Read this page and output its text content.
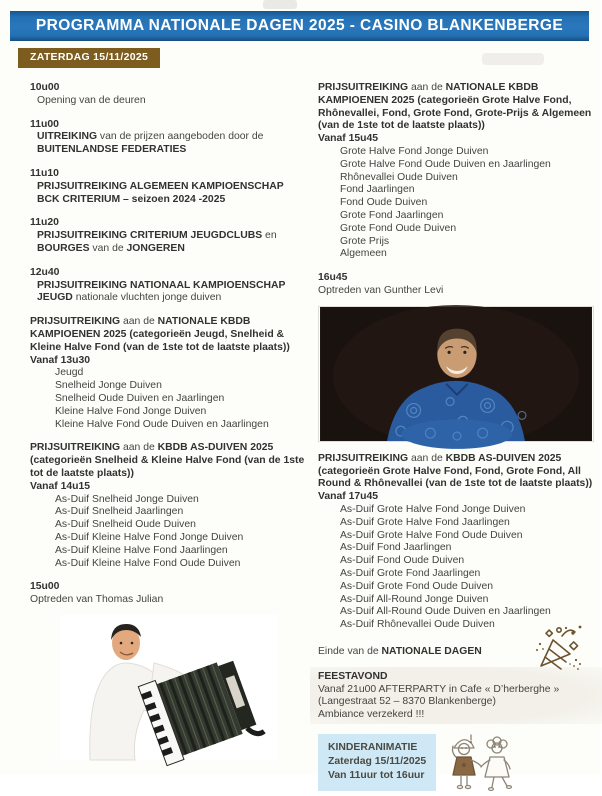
PROGRAMMA NATIONALE DAGEN 2025 - CASINO BLANKENBERGE
ZATERDAG 15/11/2025
10u00
Opening van de deuren
11u00
UITREIKING van de prijzen aangeboden door de BUITENLANDSE FEDERATIES
11u10
PRIJSUITREIKING ALGEMEEN KAMPIOENSCHAP BCK CRITERIUM – seizoen 2024 -2025
11u20
PRIJSUITREIKING CRITERIUM JEUGDCLUBS en BOURGES van de JONGEREN
12u40
PRIJSUITREIKING NATIONAAL KAMPIOENSCHAP JEUGD nationale vluchten jonge duiven
PRIJSUITREIKING aan de NATIONALE KBDB KAMPIOENEN 2025 (categorieën Jeugd, Snelheid & Kleine Halve Fond (van de 1ste tot de laatste plaats))
Vanaf 13u30
Jeugd
Snelheid Jonge Duiven
Snelheid Oude Duiven en Jaarlingen
Kleine Halve Fond Jonge Duiven
Kleine Halve Fond Oude Duiven en Jaarlingen
PRIJSUITREIKING aan de KBDB AS-DUIVEN 2025 (categorieën Snelheid & Kleine Halve Fond (van de 1ste tot de laatste plaats))
Vanaf 14u15
As-Duif Snelheid Jonge Duiven
As-Duif Snelheid Jaarlingen
As-Duif Snelheid Oude Duiven
As-Duif Kleine Halve Fond Jonge Duiven
As-Duif Kleine Halve Fond Jaarlingen
As-Duif Kleine Halve Fond Oude Duiven
15u00
Optreden van Thomas Julian
PRIJSUITREIKING aan de NATIONALE KBDB KAMPIOENEN 2025 (categorieën Grote Halve Fond, Rhônevallei, Fond, Grote Fond, Grote-Prijs & Algemeen (van de 1ste tot de laatste plaats))
Vanaf 15u45
Grote Halve Fond Jonge Duiven
Grote Halve Fond Oude Duiven en Jaarlingen
Rhônevallei Oude Duiven
Fond Jaarlingen
Fond Oude Duiven
Grote Fond Jaarlingen
Grote Fond Oude Duiven
Grote Prijs
Algemeen
16u45
Optreden van Gunther Levi
PRIJSUITREIKING aan de KBDB AS-DUIVEN 2025 (categorieën Grote Halve Fond, Fond, Grote Fond, All Round & Rhônevallei (van de 1ste tot de laatste plaats))
Vanaf 17u45
As-Duif Grote Halve Fond Jonge Duiven
As-Duif Grote Halve Fond Jaarlingen
As-Duif Grote Halve Fond Oude Duiven
As-Duif Fond Jaarlingen
As-Duif Fond Oude Duiven
As-Duif Grote Fond Jaarlingen
As-Duif Grote Fond Oude Duiven
As-Duif All-Round Jonge Duiven
As-Duif All-Round Oude Duiven en Jaarlingen
As-Duif Rhônevallei Oude Duiven
Einde van de NATIONALE DAGEN
FEESTAVOND
Vanaf 21u00 AFTERPARTY in Cafe « D’herberghe »
(Langestraat 52 – 8370 Blankenberge)
Ambiance verzekerd !!!
KINDERANIMATIE
Zaterdag 15/11/2025
Van 11uur tot 16uur
